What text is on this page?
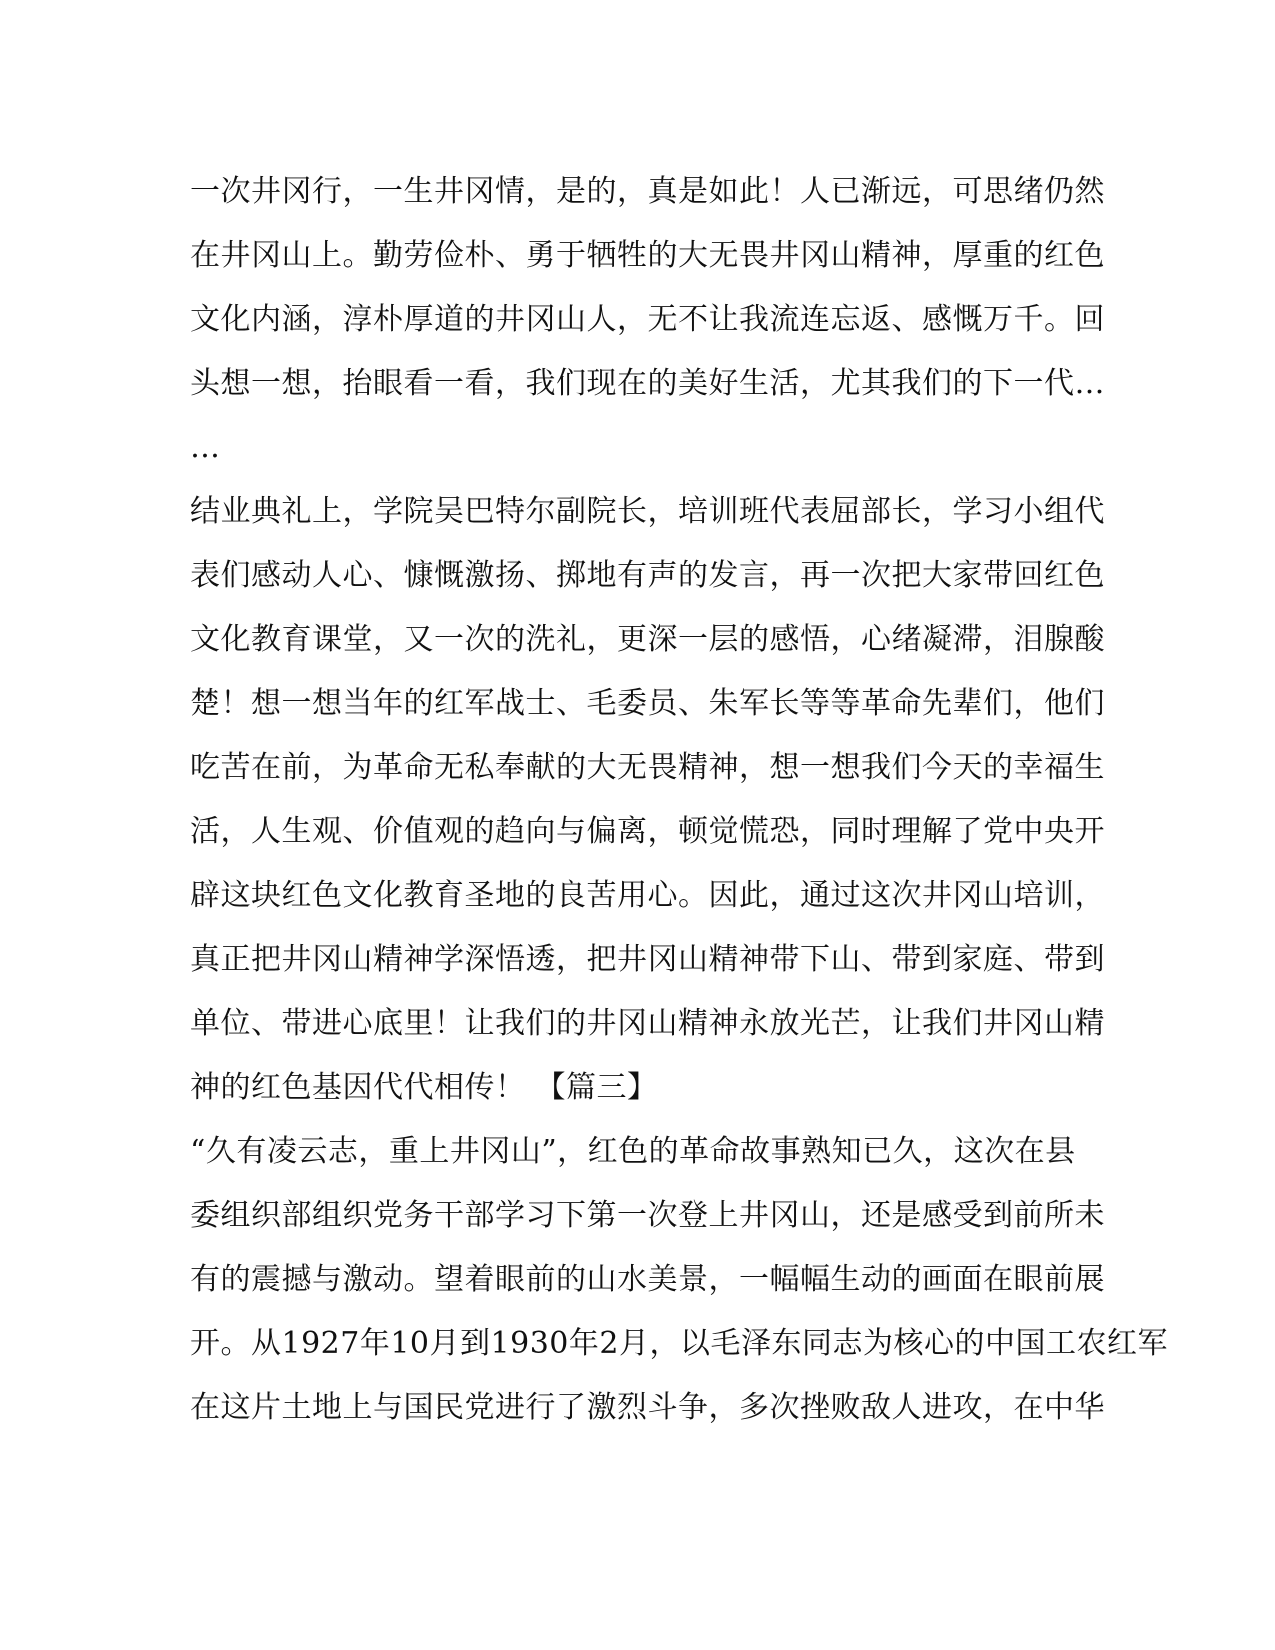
一次井冈行，一生井冈情，是的，真是如此！人已渐远，可思绪仍然
在井冈山上。勤劳俭朴、勇于牺牲的大无畏井冈山精神，厚重的红色
文化内涵，淳朴厚道的井冈山人，无不让我流连忘返、感慨万千。回
头想一想，抬眼看一看，我们现在的美好生活，尤其我们的下一代…
…
结业典礼上，学院吴巴特尔副院长，培训班代表屈部长，学习小组代
表们感动人心、慷慨激扬、掷地有声的发言，再一次把大家带回红色
文化教育课堂，又一次的洗礼，更深一层的感悟，心绪凝滞，泪腺酸
楚！想一想当年的红军战士、毛委员、朱军长等等革命先辈们，他们
吃苦在前，为革命无私奉献的大无畏精神，想一想我们今天的幸福生
活，人生观、价值观的趋向与偏离，顿觉慌恐，同时理解了党中央开
辟这块红色文化教育圣地的良苦用心。因此，通过这次井冈山培训，
真正把井冈山精神学深悟透，把井冈山精神带下山、带到家庭、带到
单位、带进心底里！让我们的井冈山精神永放光芒，让我们井冈山精
神的红色基因代代相传！ 【篇三】
“久有凌云志，重上井冈山”，红色的革命故事熟知已久，这次在县
委组织部组织党务干部学习下第一次登上井冈山，还是感受到前所未
有的震撼与激动。望着眼前的山水美景，一幅幅生动的画面在眼前展
开。从1927年10月到1930年2月，以毛泽东同志为核心的中国工农红军
在这片土地上与国民党进行了激烈斗争，多次挫败敌人进攻，在中华
